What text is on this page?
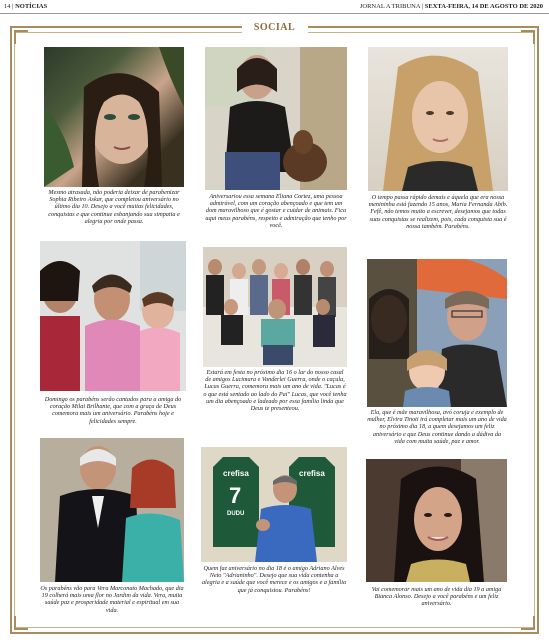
14 | NOTÍCIAS	JORNAL A TRIBUNA | SEXTA-FEIRA, 14 DE AGOSTO DE 2020
SOCIAL
Mesmo atrasada, não poderia deixar de parabenizar Sophia Ribeiro Askar, que completou aniversário no último dia 10. Desejo a você muitas felicidades, conquistas e que continue esbanjando sua simpatia e alegria por onde passa.
Aniversariou essa semana Eliana Cortez, uma pessoa admirável, com um coração abençoado e que tem um dom maravilhoso que é gostar e cuidar de animais. Fica aqui meus parabéns, respeito e admiração que tenho por você.
O tempo passa rápido demais e àquela que era nossa menininha está fazendo 15 anos, Maria Fernanda Abib. Fefê, não temos muito a escrever, desejamos que todas suas conquistas se realizem, pois, cada conquista sua é nossa também. Parabéns.
Domingo os parabéns serão cantados para a amiga do coração Milai Brilhante, que com a graça de Deus comemora mais um aniversário. Parabéns hoje e felicidades sempre.
Estará em festa no próximo dia 16 o lar do nosso casal de amigos Lucimara e Vanderlei Guerra, onde o caçula, Lucas Guerra, comemora mais um ano de vida. "Lucas é o que está sentado ao lado do Pai" Lucas, que você tenha um dia abençoado e ladeado por essa família linda que Deus te presenteou.
Ela, que é mãe maravilhosa, avó coruja e exemplo de mulher, Elvira Tinoti irá completar mais um ano de vida no próximo dia 18, a quem desejamos um feliz aniversário e que Deus continue dando a dádiva da vida com muita saúde, paz e amor.
Os parabéns vão para Vera Marconato Machado, que dia 19 colherá mais uma flor no Jardim da vida. Vera, muita saúde paz e prosperidade material e espiritual em sua vida.
crefisa
7
DUDU
crefisa
Quem faz aniversário no dia 18 é o amigo Adriano Alves Neto "Adrianinho". Desejo que sua vida contenha a alegria e a saúde que você merece e os amigos e a família que já conquistou. Parabéns!	Vai comemorar mais um ano de vida dia 19 a amiga Bianca Alonso. Desejo a você parabéns e um feliz aniversário.
